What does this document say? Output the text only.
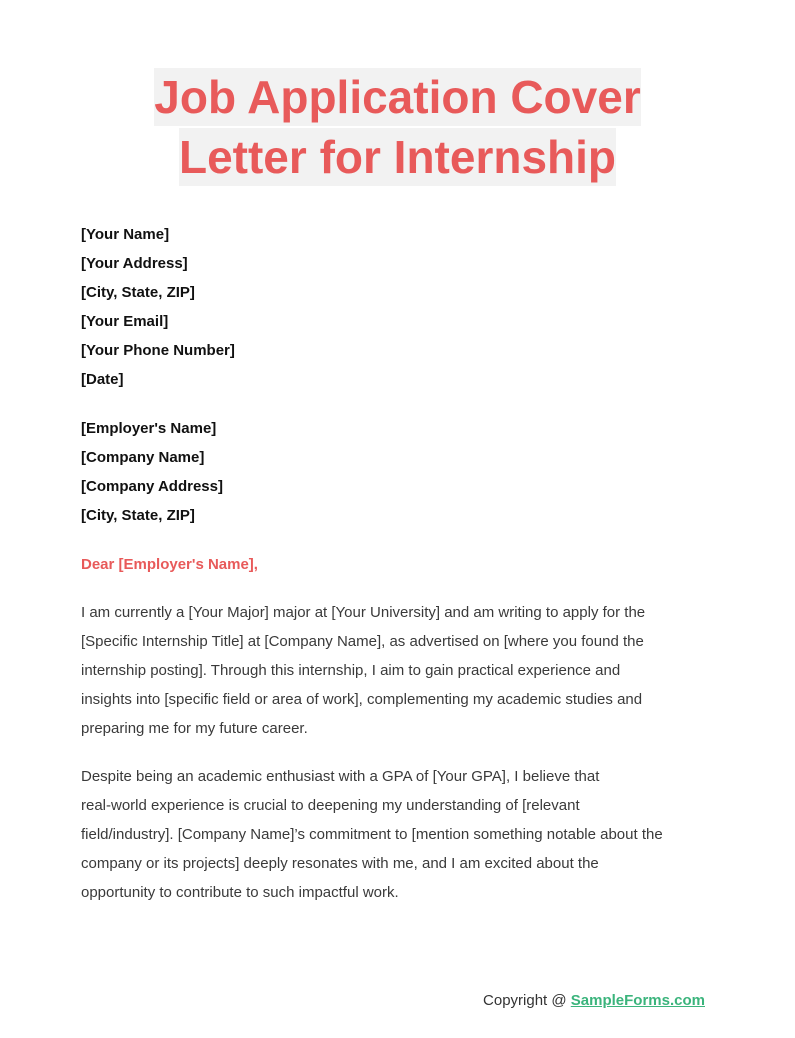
Job Application Cover
Letter for Internship
[Your Name]
[Your Address]
[City, State, ZIP]
[Your Email]
[Your Phone Number]
[Date]
[Employer's Name]
[Company Name]
[Company Address]
[City, State, ZIP]
Dear [Employer's Name],
I am currently a [Your Major] major at [Your University] and am writing to apply for the
[Specific Internship Title] at [Company Name], as advertised on [where you found the
internship posting]. Through this internship, I aim to gain practical experience and
insights into [specific field or area of work], complementing my academic studies and
preparing me for my future career.
Despite being an academic enthusiast with a GPA of [Your GPA], I believe that
real-world experience is crucial to deepening my understanding of [relevant
field/industry]. [Company Name]’s commitment to [mention something notable about the
company or its projects] deeply resonates with me, and I am excited about the
opportunity to contribute to such impactful work.
Copyright @ SampleForms.com
